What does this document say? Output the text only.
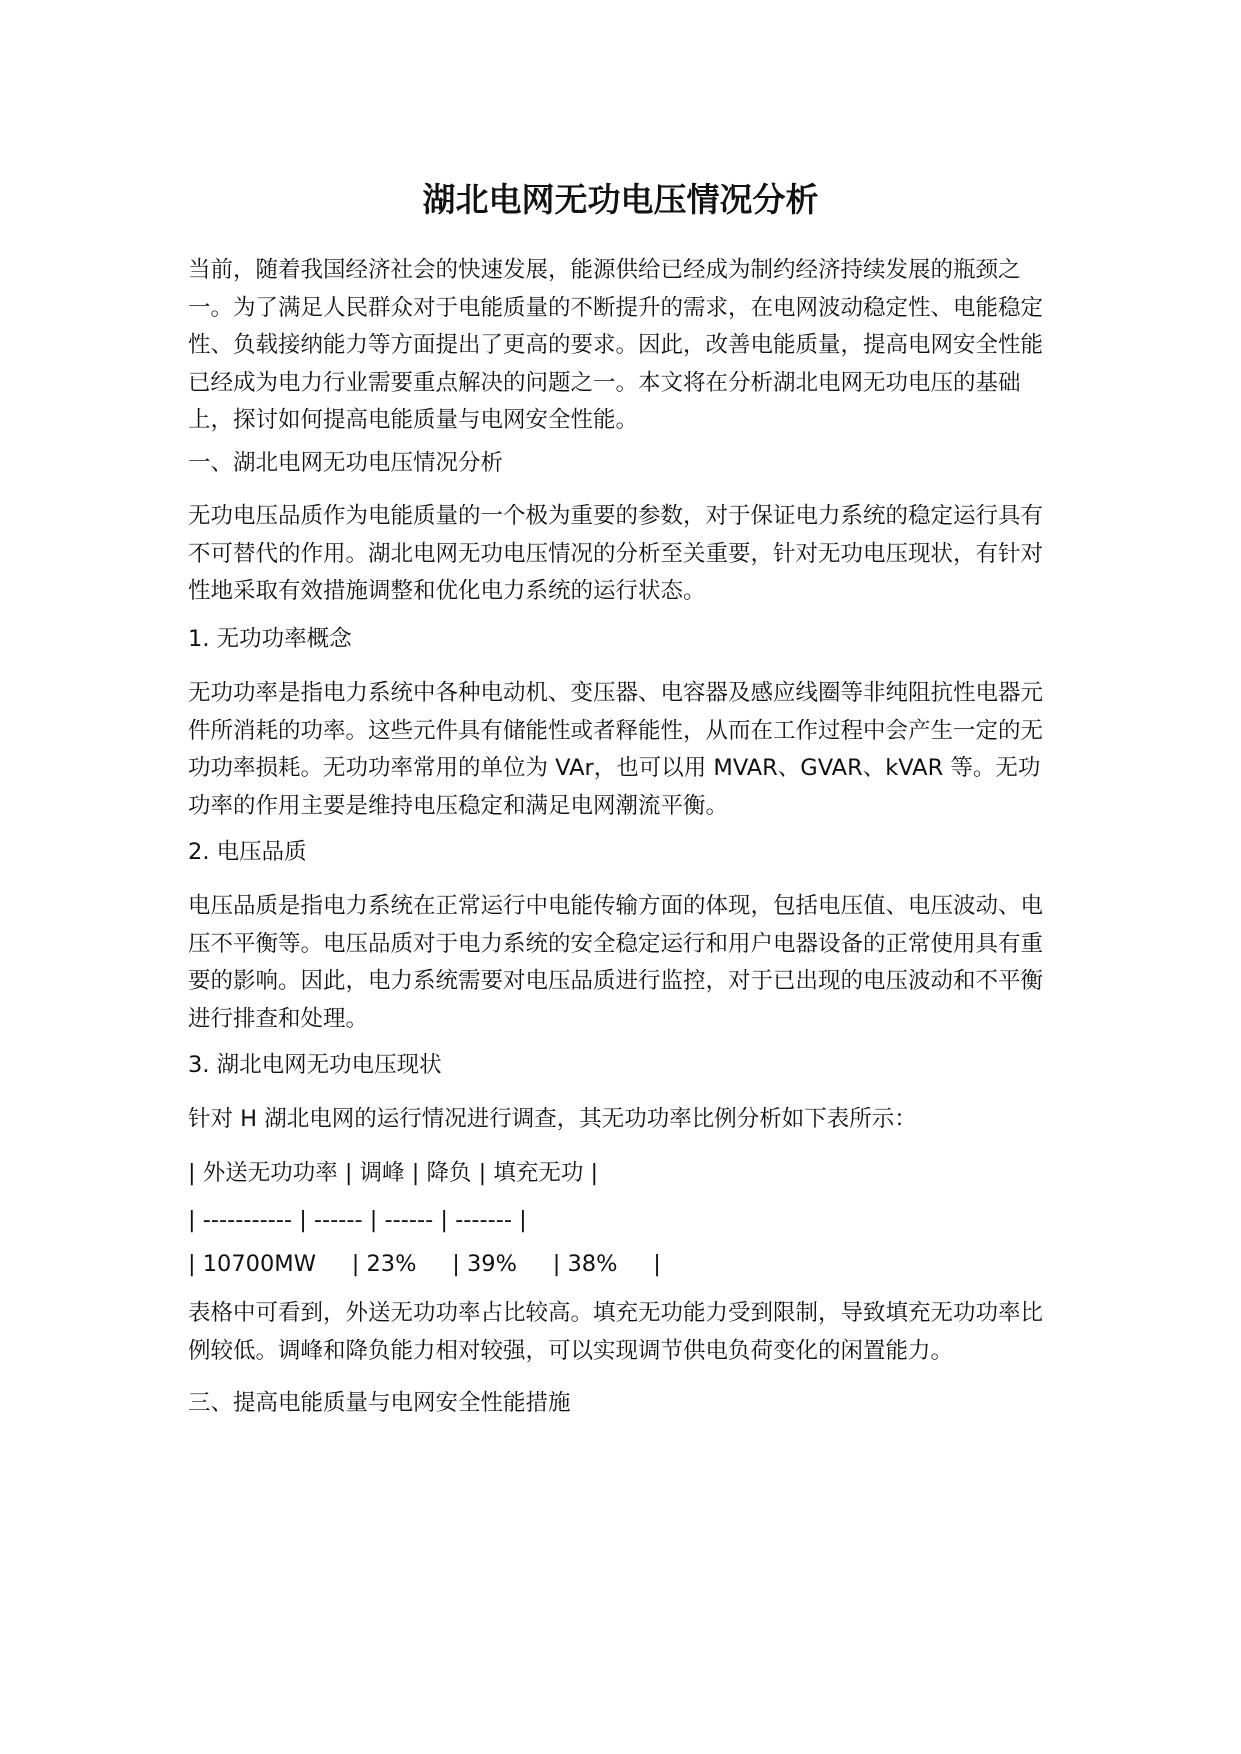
湖北电网无功电压情况分析

当前，随着我国经济社会的快速发展，能源供给已经成为制约经济持续发展的瓶颈之一。为了满足人民群众对于电能质量的不断提升的需求，在电网波动稳定性、电能稳定性、负载接纳能力等方面提出了更高的要求。因此，改善电能质量，提高电网安全性能已经成为电力行业需要重点解决的问题之一。本文将在分析湖北电网无功电压的基础上，探讨如何提高电能质量与电网安全性能。

一、湖北电网无功电压情况分析

无功电压品质作为电能质量的一个极为重要的参数，对于保证电力系统的稳定运行具有不可替代的作用。湖北电网无功电压情况的分析至关重要，针对无功电压现状，有针对性地采取有效措施调整和优化电力系统的运行状态。

1. 无功功率概念

无功功率是指电力系统中各种电动机、变压器、电容器及感应线圈等非纯阻抗性电器元件所消耗的功率。这些元件具有储能性或者释能性，从而在工作过程中会产生一定的无功功率损耗。无功功率常用的单位为 VAr，也可以用 MVAR、GVAR、kVAR 等。无功功率的作用主要是维持电压稳定和满足电网潮流平衡。

2. 电压品质

电压品质是指电力系统在正常运行中电能传输方面的体现，包括电压值、电压波动、电压不平衡等。电压品质对于电力系统的安全稳定运行和用户电器设备的正常使用具有重要的影响。因此，电力系统需要对电压品质进行监控，对于已出现的电压波动和不平衡进行排查和处理。

3. 湖北电网无功电压现状

针对 H 湖北电网的运行情况进行调查，其无功功率比例分析如下表所示：

| 外送无功功率 | 调峰 | 降负 | 填充无功 |

| ----------- | ------ | ------ | ------- |

| 10700MW     | 23%     | 39%     | 38%     |

表格中可看到，外送无功功率占比较高。填充无功能力受到限制，导致填充无功功率比例较低。调峰和降负能力相对较强，可以实现调节供电负荷变化的闲置能力。

三、提高电能质量与电网安全性能措施
